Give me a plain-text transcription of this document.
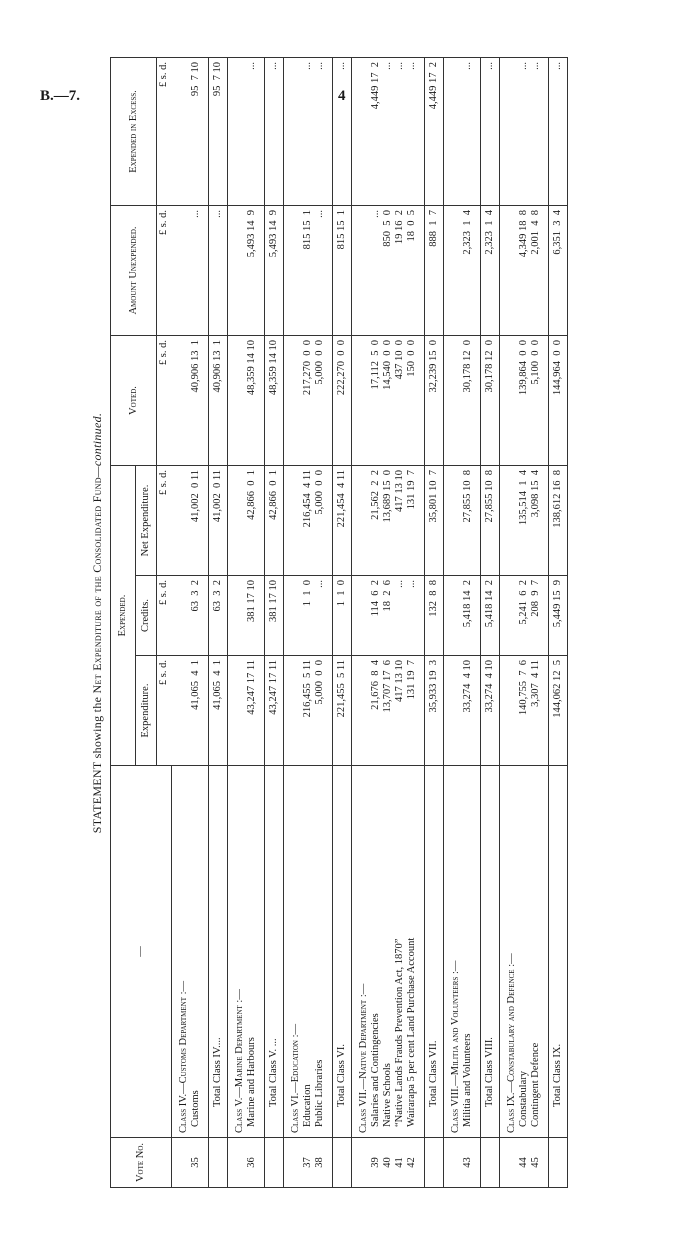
B.—7.	4
STATEMENT showing the Net Expenditure of the Consolidated Fund—continued.
Vote No.	—	Expended.			Voted.	Amount Unexpended.	Expended in Excess.
		Expenditure.	Credits.	Net Expenditure.			
		£ s. d.	£ s. d.	£ s. d.	£ s. d.	£ s. d.	£ s. d.

	Class IV.—Customs Department :—						
35	Customs	41,065  4  1	63  3  2	41,002  0 11	40,906 13  1	...	95  7 10

	Total Class IV....	41,065  4  1	63  3  2	41,002  0 11	40,906 13  1	...	95  7 10

	Class V.—Marine Department :—						
36	Marine and Harbours	43,247 17 11	381 17 10	42,866  0  1	48,359 14 10	5,493 14  9	...

	Total Class V. ...	43,247 17 11	381 17 10	42,866  0  1	48,359 14 10	5,493 14  9	...

	Class VI.—Education :—						
37	Education	216,455  5 11	1  1  0	216,454  4 11	217,270  0  0	815 15  1	...
38	Public Libraries	5,000  0  0	...	5,000  0  0	5,000  0  0	...	...

	Total Class VI.	221,455  5 11	1  1  0	221,454  4 11	222,270  0  0	815 15  1	...

	Class VII.—Native Department :—						
39	Salaries and Contingencies	21,676  8  4	114  6  2	21,562  2  2	17,112  5  0	...	4,449 17  2
40	Native Schools	13,707 17  6	18  2  6	13,689 15  0	14,540  0  0	850  5  0	...
41	“Native Lands Frauds Prevention Act, 1870”	417 13 10	...	417 13 10	437 10  0	19 16  2	...
42	Wairarapa 5 per cent Land Purchase Account	131 19  7	...	131 19  7	150  0  0	18  0  5	...

	Total Class VII.	35,933 19  3	132  8  8	35,801 10  7	32,239 15  0	888  1  7	4,449 17  2

	Class VIII.—Militia and Volunteers :—						
43	Militia and Volunteers	33,274  4 10	5,418 14  2	27,855 10  8	30,178 12  0	2,323  1  4	...

	Total Class VIII.	33,274  4 10	5,418 14  2	27,855 10  8	30,178 12  0	2,323  1  4	...

	Class IX.—Constabulary and Defence :—						
44	Constabulary	140,755  7  6	5,241  6  2	135,514  1  4	139,864  0  0	4,349 18  8	...
45	Contingent Defence	3,307  4 11	208  9  7	3,098 15  4	5,100  0  0	2,001  4  8	...

	Total Class IX.	144,062 12  5	5,449 15  9	138,612 16  8	144,964  0  0	6,351  3  4	...
